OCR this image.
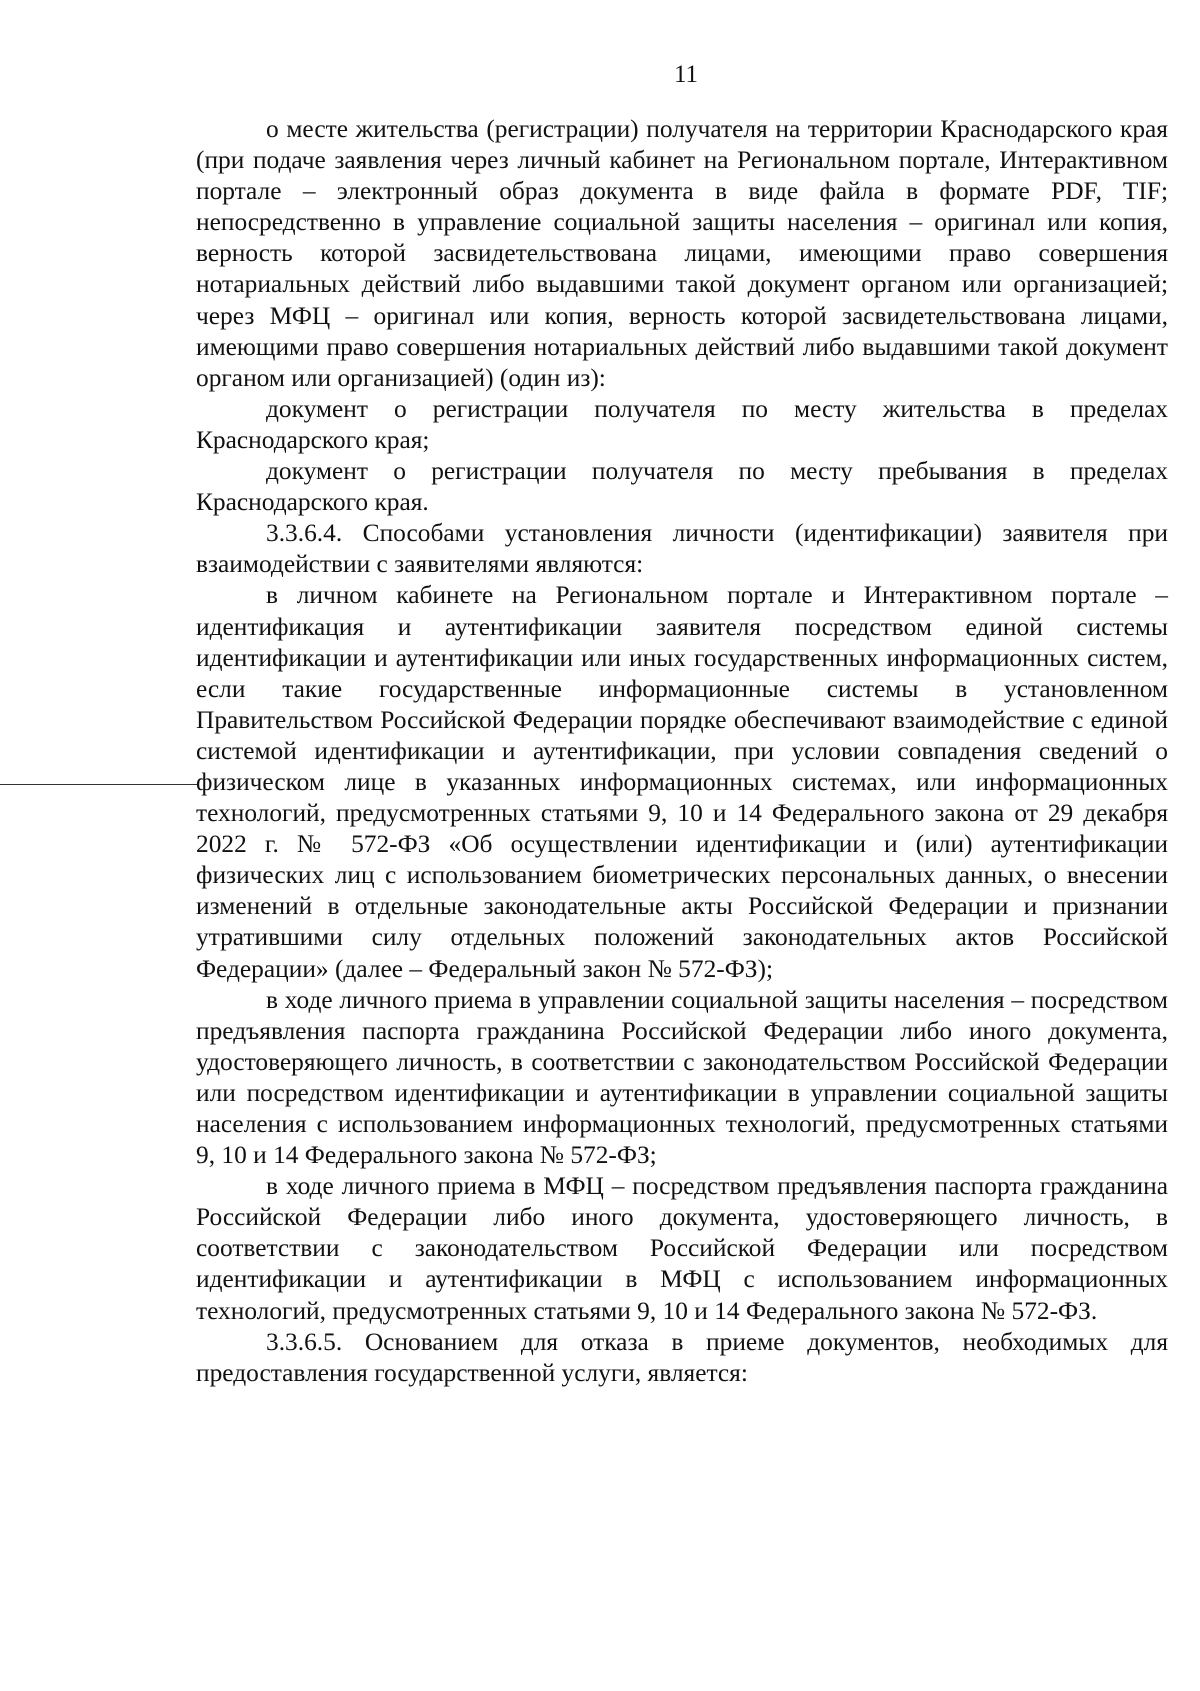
11

о месте жительства (регистрации) получателя на территории Краснодарского края (при подаче заявления через личный кабинет на Региональном портале, Интерактивном портале – электронный образ документа в виде файла в формате PDF, TIF; непосредственно в управление социальной защиты населения – оригинал или копия, верность которой засвидетельствована лицами, имеющими право совершения нотариальных действий либо выдавшими такой документ органом или организацией; через МФЦ – оригинал или копия, верность которой засвидетельствована лицами, имеющими право совершения нотариальных действий либо выдавшими такой документ органом или организацией) (один из):

документ о регистрации получателя по месту жительства в пределах Краснодарского края;

документ о регистрации получателя по месту пребывания в пределах Краснодарского края.

3.3.6.4. Способами установления личности (идентификации) заявителя при взаимодействии с заявителями являются:

в личном кабинете на Региональном портале и Интерактивном портале – идентификация и аутентификации заявителя посредством единой системы идентификации и аутентификации или иных государственных информационных систем, если такие государственные информационные системы в установленном Правительством Российской Федерации порядке обеспечивают взаимодействие с единой системой идентификации и аутентификации, при условии совпадения сведений о физическом лице в указанных информационных системах, или информационных технологий, предусмотренных статьями 9, 10 и 14 Федерального закона от 29 декабря 2022 г. № 572-ФЗ «Об осуществлении идентификации и (или) аутентификации физических лиц с использованием биометрических персональных данных, о внесении изменений в отдельные законодательные акты Российской Федерации и признании утратившими силу отдельных положений законодательных актов Российской Федерации» (далее – Федеральный закон № 572-ФЗ);

в ходе личного приема в управлении социальной защиты населения – посредством предъявления паспорта гражданина Российской Федерации либо иного документа, удостоверяющего личность, в соответствии с законодательством Российской Федерации или посредством идентификации и аутентификации в управлении социальной защиты населения с использованием информационных технологий, предусмотренных статьями 9, 10 и 14 Федерального закона № 572-ФЗ;

в ходе личного приема в МФЦ – посредством предъявления паспорта гражданина Российской Федерации либо иного документа, удостоверяющего личность, в соответствии с законодательством Российской Федерации или посредством идентификации и аутентификации в МФЦ с использованием информационных технологий, предусмотренных статьями 9, 10 и 14 Федерального закона № 572-ФЗ.

3.3.6.5. Основанием для отказа в приеме документов, необходимых для предоставления государственной услуги, является:
